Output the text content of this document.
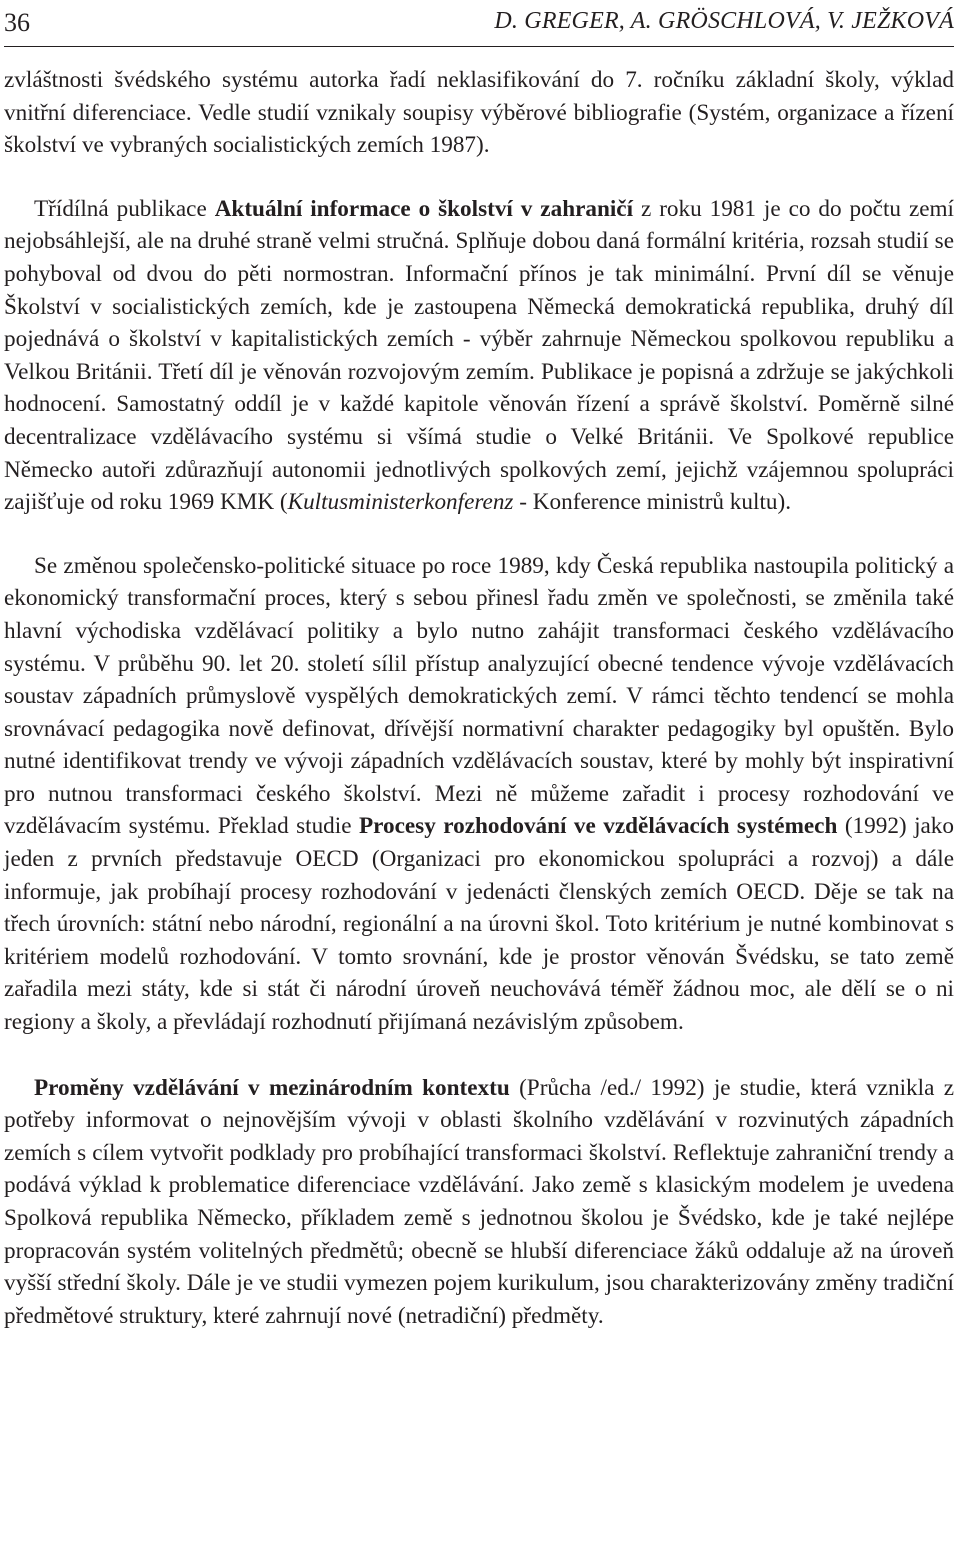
36	D. GREGER, A. GRÖSCHLOVÁ, V. JEŽKOVÁ

zvláštnosti švédského systému autorka řadí neklasifikování do 7. ročníku základní školy, výklad vnitřní diferenciace. Vedle studií vznikaly soupisy výběrové bibliografie (Systém, organizace a řízení školství ve vybraných socialistických zemích 1987).

Třídílná publikace Aktuální informace o školství v zahraničí z roku 1981 je co do počtu zemí nejobsáhlejší, ale na druhé straně velmi stručná. Splňuje dobou daná formální kritéria, rozsah studií se pohyboval od dvou do pěti normostran. Informační přínos je tak minimální. První díl se věnuje Školství v socialistických zemích, kde je zastoupena Německá demokratická republika, druhý díl pojednává o školství v kapitalistických zemích - výběr zahrnuje Německou spolkovou republiku a Velkou Británii. Třetí díl je věnován rozvojovým zemím. Publikace je popisná a zdržuje se jakýchkoli hodnocení. Samostatný oddíl je v každé kapitole věnován řízení a správě školství. Poměrně silné decentralizace vzdělávacího systému si všímá studie o Velké Británii. Ve Spolkové republice Německo autoři zdůrazňují autonomii jednotlivých spolkových zemí, jejichž vzájemnou spolupráci zajišťuje od roku 1969 KMK (Kultusministerkonferenz - Konference ministrů kultu).

Se změnou společensko-politické situace po roce 1989, kdy Česká republika nastoupila politický a ekonomický transformační proces, který s sebou přinesl řadu změn ve společnosti, se změnila také hlavní východiska vzdělávací politiky a bylo nutno zahájit transformaci českého vzdělávacího systému. V průběhu 90. let 20. století sílil přístup analyzující obecné tendence vývoje vzdělávacích soustav západních průmyslově vyspělých demokratických zemí. V rámci těchto tendencí se mohla srovnávací pedagogika nově definovat, dřívější normativní charakter pedagogiky byl opuštěn. Bylo nutné identifikovat trendy ve vývoji západních vzdělávacích soustav, které by mohly být inspirativní pro nutnou transformaci českého školství. Mezi ně můžeme zařadit i procesy rozhodování ve vzdělávacím systému. Překlad studie Procesy rozhodování ve vzdělávacích systémech (1992) jako jeden z prvních představuje OECD (Organizaci pro ekonomickou spolupráci a rozvoj) a dále informuje, jak probíhají procesy rozhodování v jedenácti členských zemích OECD. Děje se tak na třech úrovních: státní nebo národní, regionální a na úrovni škol. Toto kritérium je nutné kombinovat s kritériem modelů rozhodování. V tomto srovnání, kde je prostor věnován Švédsku, se tato země zařadila mezi státy, kde si stát či národní úroveň neuchovává téměř žádnou moc, ale dělí se o ni regiony a školy, a převládají rozhodnutí přijímaná nezávislým způsobem.

Proměny vzdělávání v mezinárodním kontextu (Průcha /ed./ 1992) je studie, která vznikla z potřeby informovat o nejnovějším vývoji v oblasti školního vzdělávání v rozvinutých západních zemích s cílem vytvořit podklady pro probíhající transformaci školství. Reflektuje zahraniční trendy a podává výklad k problematice diferenciace vzdělávání. Jako země s klasickým modelem je uvedena Spolková republika Německo, příkladem země s jednotnou školou je Švédsko, kde je také nejlépe propracován systém volitelných předmětů; obecně se hlubší diferenciace žáků oddaluje až na úroveň vyšší střední školy. Dále je ve studii vymezen pojem kurikulum, jsou charakterizovány změny tradiční předmětové struktury, které zahrnují nové (netradiční) předměty.
